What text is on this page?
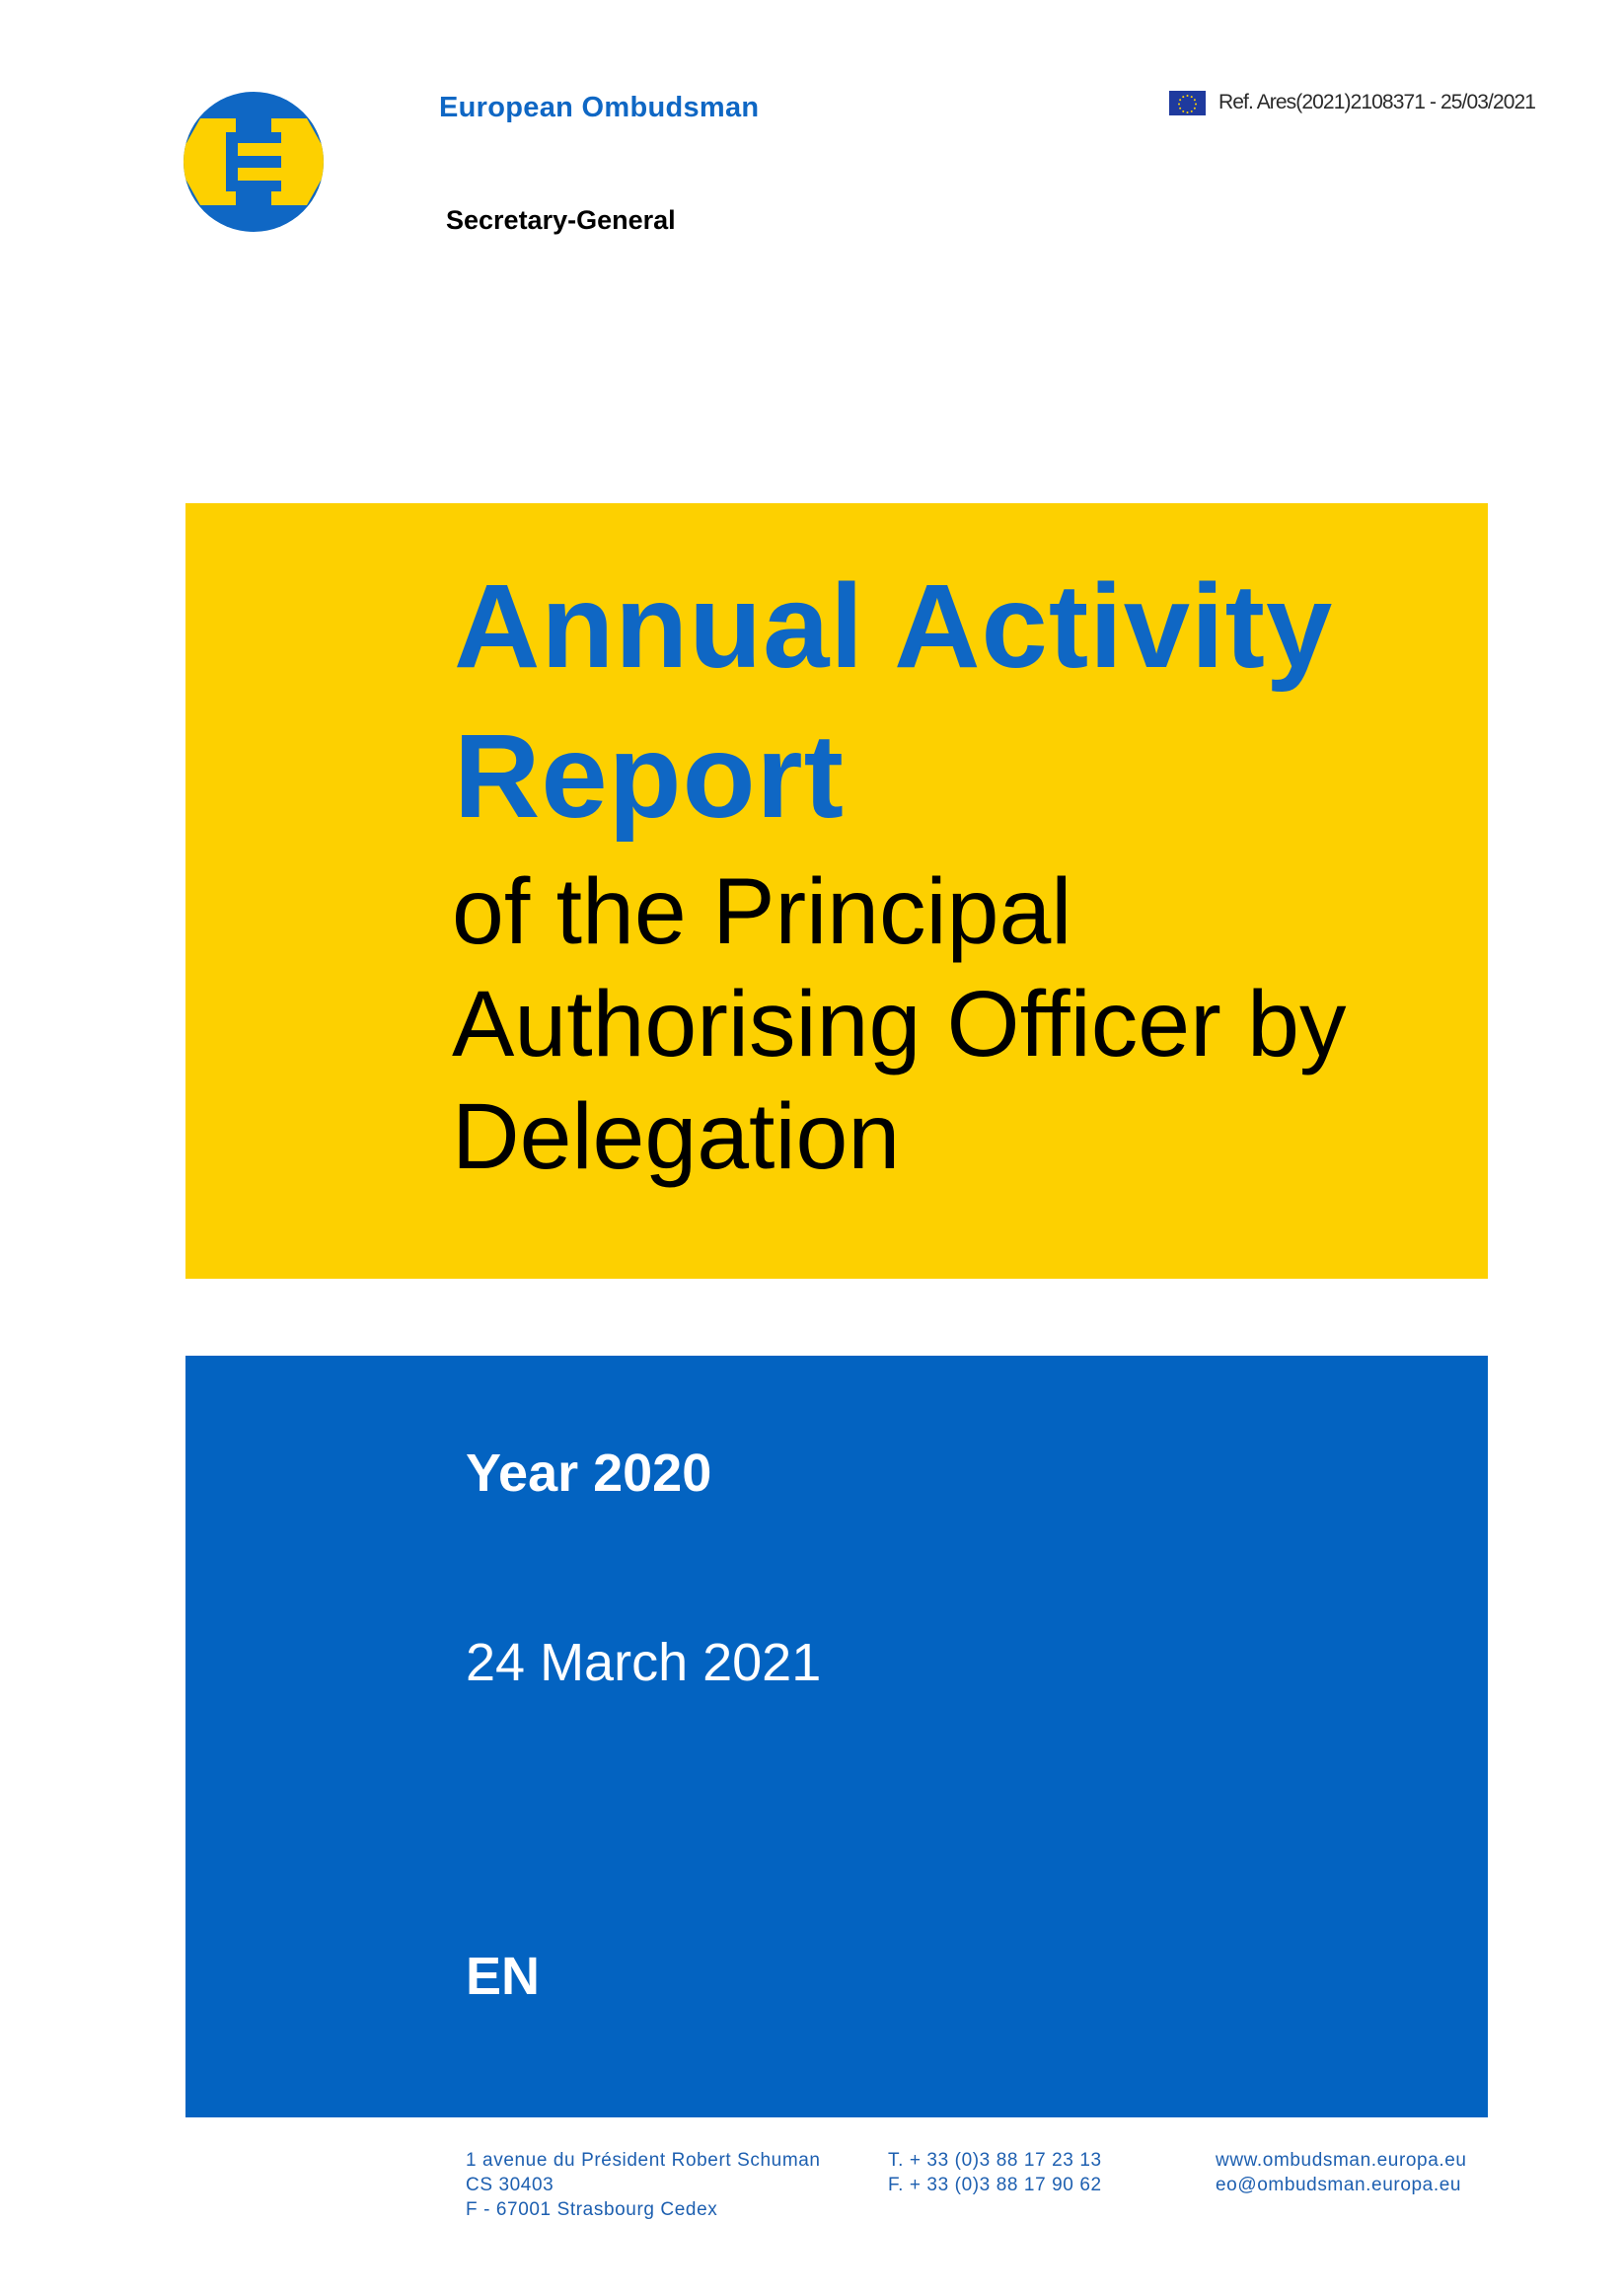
European Ombudsman
Secretary-General
Ref. Ares(2021)2108371 - 25/03/2021
Annual Activity
Report
of the Principal
Authorising Officer by
Delegation
Year 2020
24 March 2021
EN
1 avenue du Président Robert Schuman
CS 30403
F - 67001 Strasbourg Cedex
T. + 33 (0)3 88 17 23 13
F. + 33 (0)3 88 17 90 62
www.ombudsman.europa.eu
eo@ombudsman.europa.eu
